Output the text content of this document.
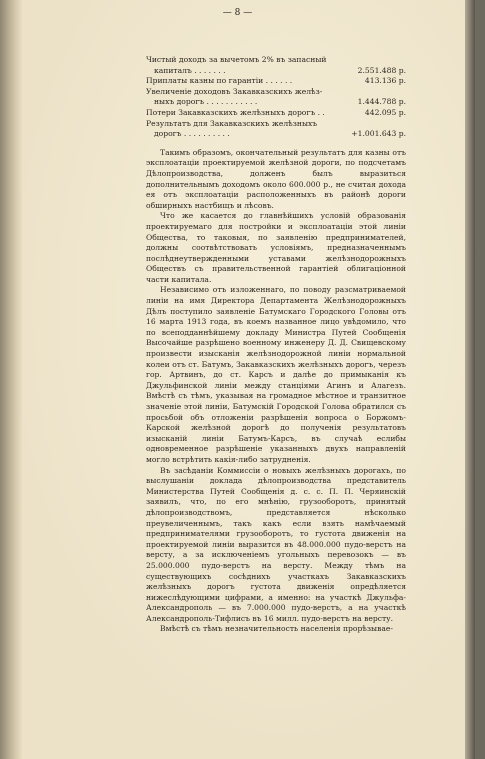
— 8 —
Чистый доходъ за вычетомъ 2% въ запасный
капиталъ . . . . . . .	2.551.488 р.
Приплаты казны по гарантіи . . . . . .	413.136 р.
Увеличеніе доходовъ Закавказскихъ желѣз-
ныхъ дорогъ . . . . . . . . . . .	1.444.788 р.
Потери Закавказскихъ желѣзныхъ дорогъ . .	442.095 р.
Результатъ для Закавказскихъ желѣзныхъ
дорогъ . . . . . . . . . .	+1.001.643 р.

Такимъ образомъ, окончательный результатъ для казны отъ эксплоатаціи проектируемой желѣзной дороги, по подсчетамъ Дѣлопроизводства, долженъ былъ выразиться дополнительнымъ доходомъ около 600.000 р., не считая дохода ея отъ эксплоатаціи расположенныхъ въ районѣ дороги обширныхъ настбищъ и лѣсовъ.

Что же касается до главнѣйшихъ условій образованія проектируемаго для постройки и эксплоатаціи этой линіи Общества, то таковыя, по заявленію предпринимателей, должны соотвѣтствовать условіямъ, предназначеннымъ послѣднеутвержденными уставами желѣзнодорожныхъ Обществъ съ правительственной гарантіей облигаціонной части капитала.

Независимо отъ изложеннаго, по поводу разсматриваемой линіи на имя Директора Департамента Желѣзнодорожныхъ Дѣлъ поступило заявленіе Батумскаго Городского Головы отъ 16 марта 1913 года, въ коемъ названное лицо увѣдомило, что по всеподданнѣйшему докладу Министра Путей Сообщенія Высочайше разрѣшено военному инженеру Д. Д. Свищевскому произвести изысканія желѣзнодорожной линіи нормальной колеи отъ ст. Батумъ, Закавказскихъ желѣзныхъ дорогъ, черезъ гор. Артвинъ, до ст. Карсъ и далѣе до примыканія къ Джульфинской линіи между станціями Агинъ и Алагезъ. Вмѣстѣ съ тѣмъ, указывая на громадное мѣстное и транзитное значеніе этой линіи, Батумскій Городской Голова обратился съ просьбой объ отложеніи разрѣшенія вопроса о Боржомъ-Карской желѣзной дорогѣ до полученія результатовъ изысканій линіи Батумъ-Карсъ, въ случаѣ еслибы одновременное разрѣшеніе указанныхъ двухъ направленій могло встрѣтить какія-либо затрудненія.

Въ засѣданіи Коммиссіи о новыхъ желѣзныхъ дорогахъ, по выслушаніи доклада дѣлопроизводства представитель Министерства Путей Сообщенія д. с. с. П. П. Черяинскій заявилъ, что, по его мнѣнію, грузооборотъ, принятый дѣлопроизводствомъ, представляется нѣсколько преувеличеннымъ, такъ какъ если взять намѣчаемый предпринимателями грузооборотъ, то густота движенія на проектируемой линіи выразится въ 48.000.000 пудо-верстъ на версту, а за исключеніемъ угольныхъ перевозокъ — въ 25.000.000 пудо-верстъ на версту. Между тѣмъ на существующихъ сосѣднихъ участкахъ Закавказскихъ желѣзныхъ дорогъ густота движенія опредѣляется нижеслѣдующими цифрами, а именно: на участкѣ Джульфа-Александрополь — въ 7.000.000 пудо-верстъ, а на участкѣ Александрополь-Тифлисъ въ 16 милл. пудо-верстъ на версту.

Вмѣстѣ съ тѣмъ незначительность населенія прорѣзывае-
